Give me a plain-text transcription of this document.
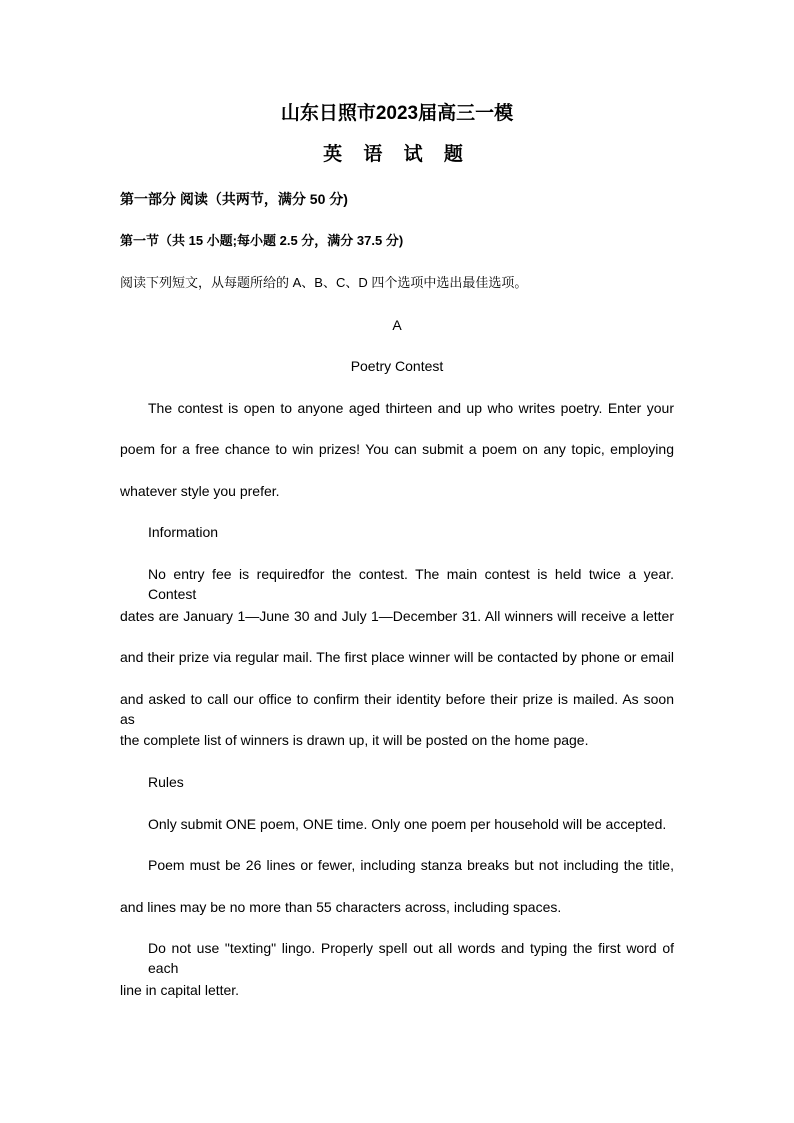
山东日照市2023届高三一模
英 语 试 题
第一部分 阅读（共两节，满分 50 分)
第一节（共 15 小题;每小题 2.5 分，满分 37.5 分)
阅读下列短文，从每题所给的 A、B、C、D 四个选项中选出最佳选项。
A
Poetry Contest
The contest is open to anyone aged thirteen and up who writes poetry. Enter your
poem for a free chance to win prizes! You can submit a poem on any topic, employing
whatever style you prefer.
Information
No entry fee is requiredfor the contest. The main contest is held twice a year. Contest
dates are January 1—June 30 and July 1—December 31. All winners will receive a letter
and their prize via regular mail. The first place winner will be contacted by phone or email
and asked to call our office to confirm their identity before their prize is mailed. As soon as
the complete list of winners is drawn up, it will be posted on the home page.
Rules
Only submit ONE poem, ONE time. Only one poem per household will be accepted.
Poem must be 26 lines or fewer, including stanza breaks but not including the title,
and lines may be no more than 55 characters across, including spaces.
Do not use "texting" lingo. Properly spell out all words and typing the first word of each
line in capital letter.
